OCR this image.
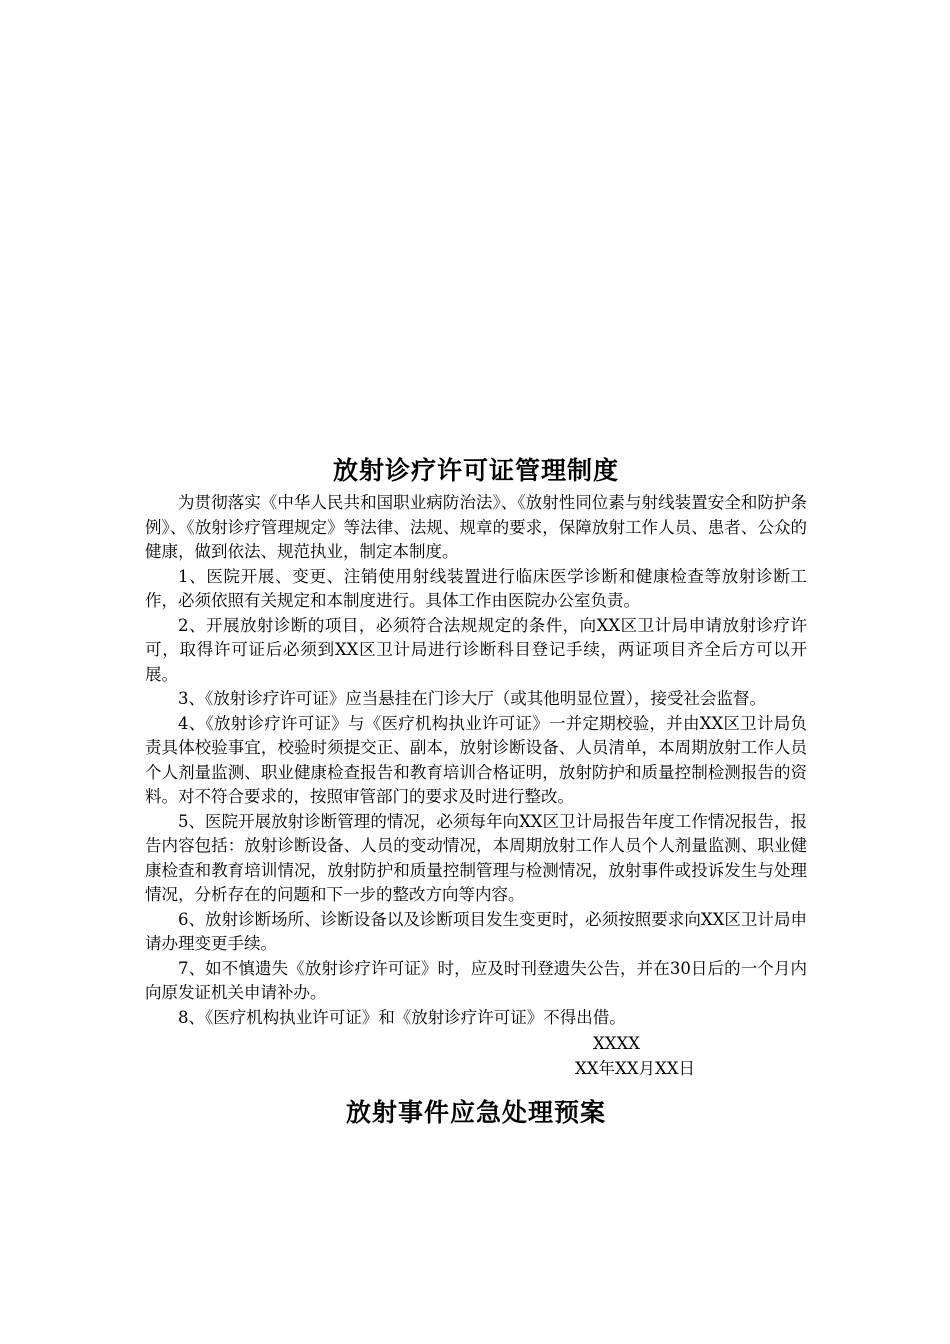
放射诊疗许可证管理制度

为贯彻落实《中华人民共和国职业病防治法》、《放射性同位素与射线装置安全和防护条例》、《放射诊疗管理规定》等法律、法规、规章的要求，保障放射工作人员、患者、公众的健康，做到依法、规范执业，制定本制度。

1、医院开展、变更、注销使用射线装置进行临床医学诊断和健康检查等放射诊断工作，必须依照有关规定和本制度进行。具体工作由医院办公室负责。

2、开展放射诊断的项目，必须符合法规规定的条件，向XX区卫计局申请放射诊疗许可，取得许可证后必须到XX区卫计局进行诊断科目登记手续，两证项目齐全后方可以开展。

3、《放射诊疗许可证》应当悬挂在门诊大厅（或其他明显位置），接受社会监督。

4、《放射诊疗许可证》与《医疗机构执业许可证》一并定期校验，并由XX区卫计局负责具体校验事宜，校验时须提交正、副本，放射诊断设备、人员清单，本周期放射工作人员个人剂量监测、职业健康检查报告和教育培训合格证明，放射防护和质量控制检测报告的资料。对不符合要求的，按照审管部门的要求及时进行整改。

5、医院开展放射诊断管理的情况，必须每年向XX区卫计局报告年度工作情况报告，报告内容包括：放射诊断设备、人员的变动情况，本周期放射工作人员个人剂量监测、职业健康检查和教育培训情况，放射防护和质量控制管理与检测情况，放射事件或投诉发生与处理情况，分析存在的问题和下一步的整改方向等内容。

6、放射诊断场所、诊断设备以及诊断项目发生变更时，必须按照要求向XX区卫计局申请办理变更手续。

7、如不慎遗失《放射诊疗许可证》时，应及时刊登遗失公告，并在30日后的一个月内向原发证机关申请补办。

8、《医疗机构执业许可证》和《放射诊疗许可证》不得出借。

XXXX

XX年XX月XX日

放射事件应急处理预案
